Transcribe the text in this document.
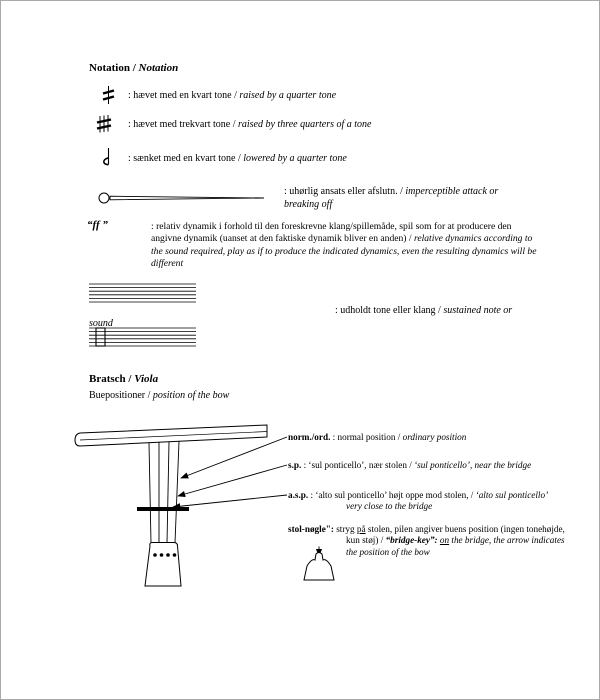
Notation / Notation
: hævet med en kvart tone / raised by a quarter tone
: hævet med trekvart tone / raised by three quarters of a tone
: sænket med en kvart tone / lowered by a quarter tone
: uhørlig ansats eller afslutn. / imperceptible attack or breaking off
“ff ”	: relativ dynamik i forhold til den foreskrevne klang/spillemåde, spil som for at producere den angivne dynamik (uanset at den faktiske dynamik bliver en anden) / relative dynamics according to the sound required, play as if to produce the indicated dynamics, even the resulting dynamics will be different
: udholdt tone eller klang / sustained note or
sound
Bratsch / Viola
Buepositioner / position of the bow
norm./ord. : normal position / ordinary position
s.p. : ‘sul ponticello’, nær stolen / ‘sul ponticello’, near the bridge
a.s.p. : ‘alto sul ponticello’ højt oppe mod stolen, / ‘alto sul ponticello’ very close to the bridge
stol-nøgle": stryg på stolen, pilen angiver buens position (ingen tonehøjde, kun støj) / “bridge-key”: on the bridge, the arrow indicates the position of the bow
